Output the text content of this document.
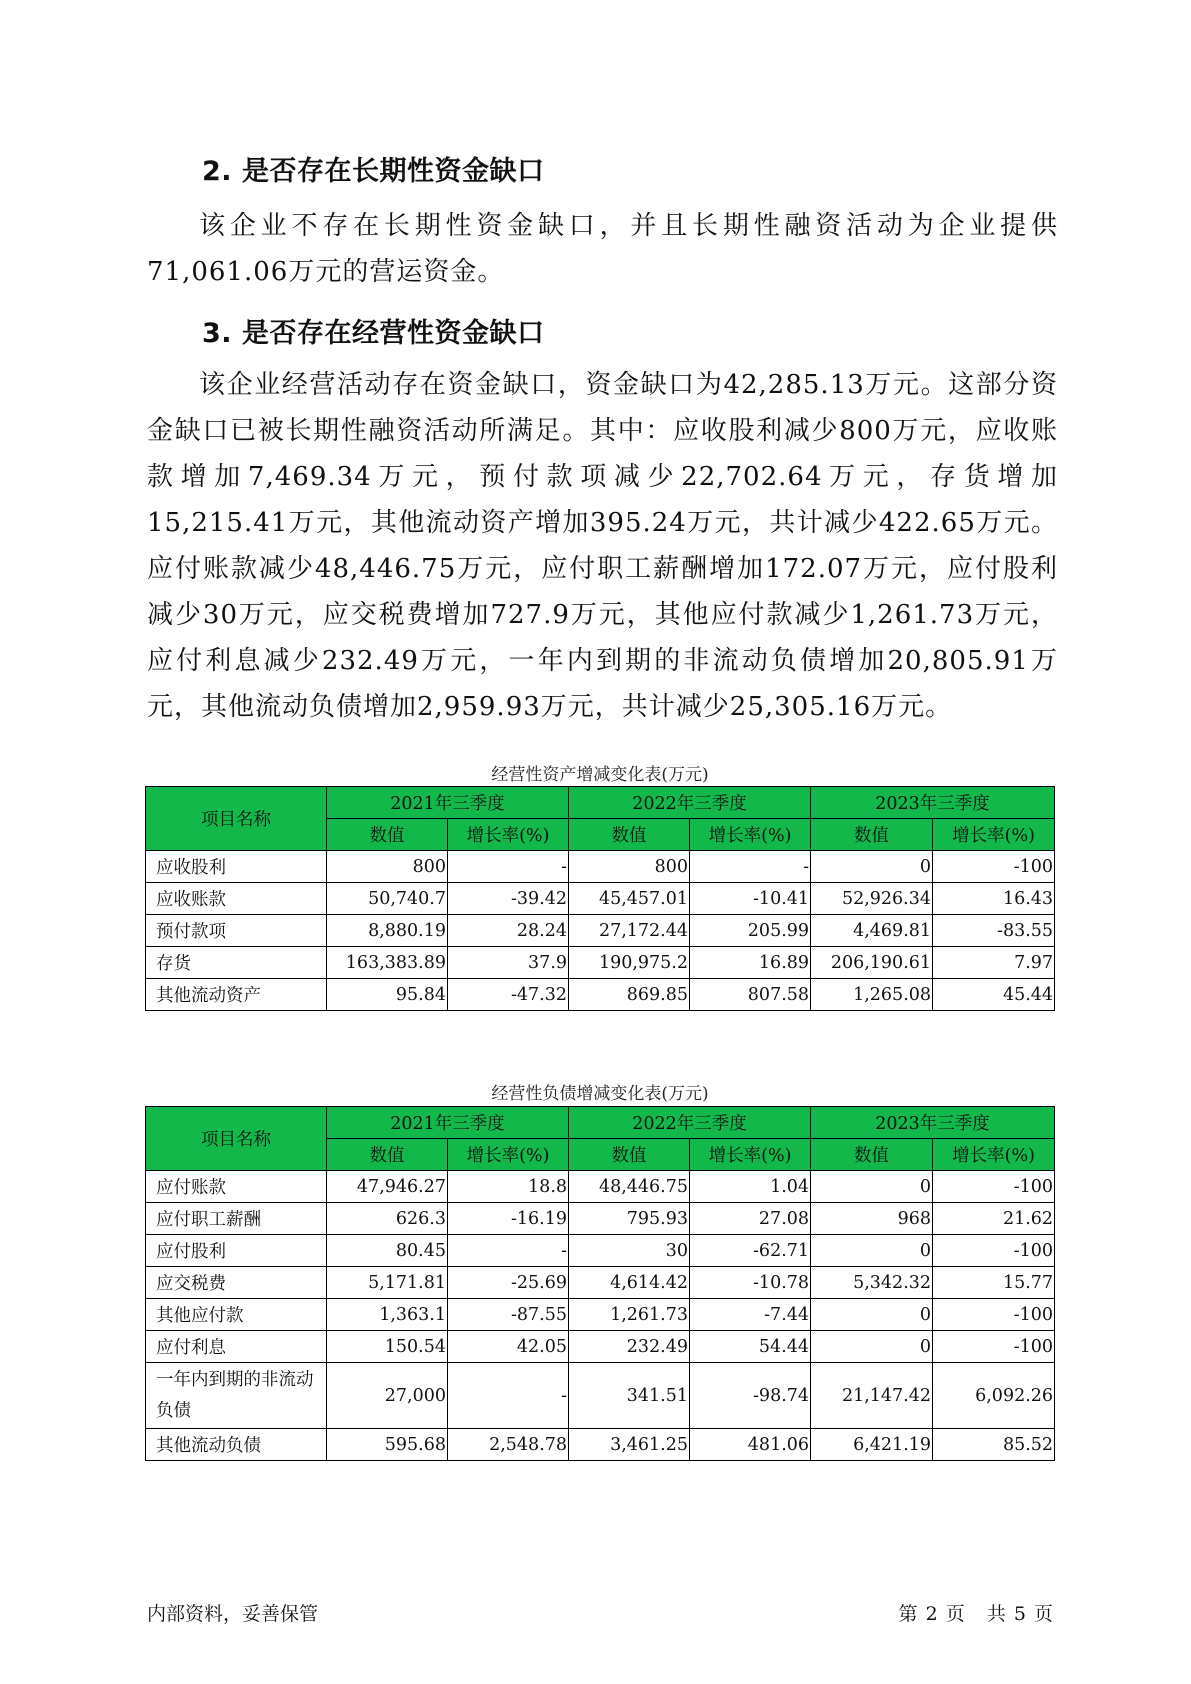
2. 是否存在长期性资金缺口

该企业不存在长期性资金缺口，并且长期性融资活动为企业提供71,061.06万元的营运资金。

3. 是否存在经营性资金缺口

该企业经营活动存在资金缺口，资金缺口为42,285.13万元。这部分资金缺口已被长期性融资活动所满足。其中：应收股利减少800万元，应收账款增加7,469.34万元，预付款项减少22,702.64万元，存货增加15,215.41万元，其他流动资产增加395.24万元，共计减少422.65万元。应付账款减少48,446.75万元，应付职工薪酬增加172.07万元，应付股利减少30万元，应交税费增加727.9万元，其他应付款减少1,261.73万元，应付利息减少232.49万元，一年内到期的非流动负债增加20,805.91万元，其他流动负债增加2,959.93万元，共计减少25,305.16万元。

经营性资产增减变化表(万元)
项目名称	2021年三季度		2022年三季度		2023年三季度	
	数值	增长率(%)	数值	增长率(%)	数值	增长率(%)
应收股利	800	-	800	-	0	-100
应收账款	50,740.7	-39.42	45,457.01	-10.41	52,926.34	16.43
预付款项	8,880.19	28.24	27,172.44	205.99	4,469.81	-83.55
存货	163,383.89	37.9	190,975.2	16.89	206,190.61	7.97
其他流动资产	95.84	-47.32	869.85	807.58	1,265.08	45.44
经营性负债增减变化表(万元)
项目名称	2021年三季度		2022年三季度		2023年三季度	
	数值	增长率(%)	数值	增长率(%)	数值	增长率(%)
应付账款	47,946.27	18.8	48,446.75	1.04	0	-100
应付职工薪酬	626.3	-16.19	795.93	27.08	968	21.62
应付股利	80.45	-	30	-62.71	0	-100
应交税费	5,171.81	-25.69	4,614.42	-10.78	5,342.32	15.77
其他应付款	1,363.1	-87.55	1,261.73	-7.44	0	-100
应付利息	150.54	42.05	232.49	54.44	0	-100
一年内到期的非流动负债	27,000	-	341.51	-98.74	21,147.42	6,092.26
其他流动负债	595.68	2,548.78	3,461.25	481.06	6,421.19	85.52
内部资料，妥善保管	第 2 页   共 5 页
